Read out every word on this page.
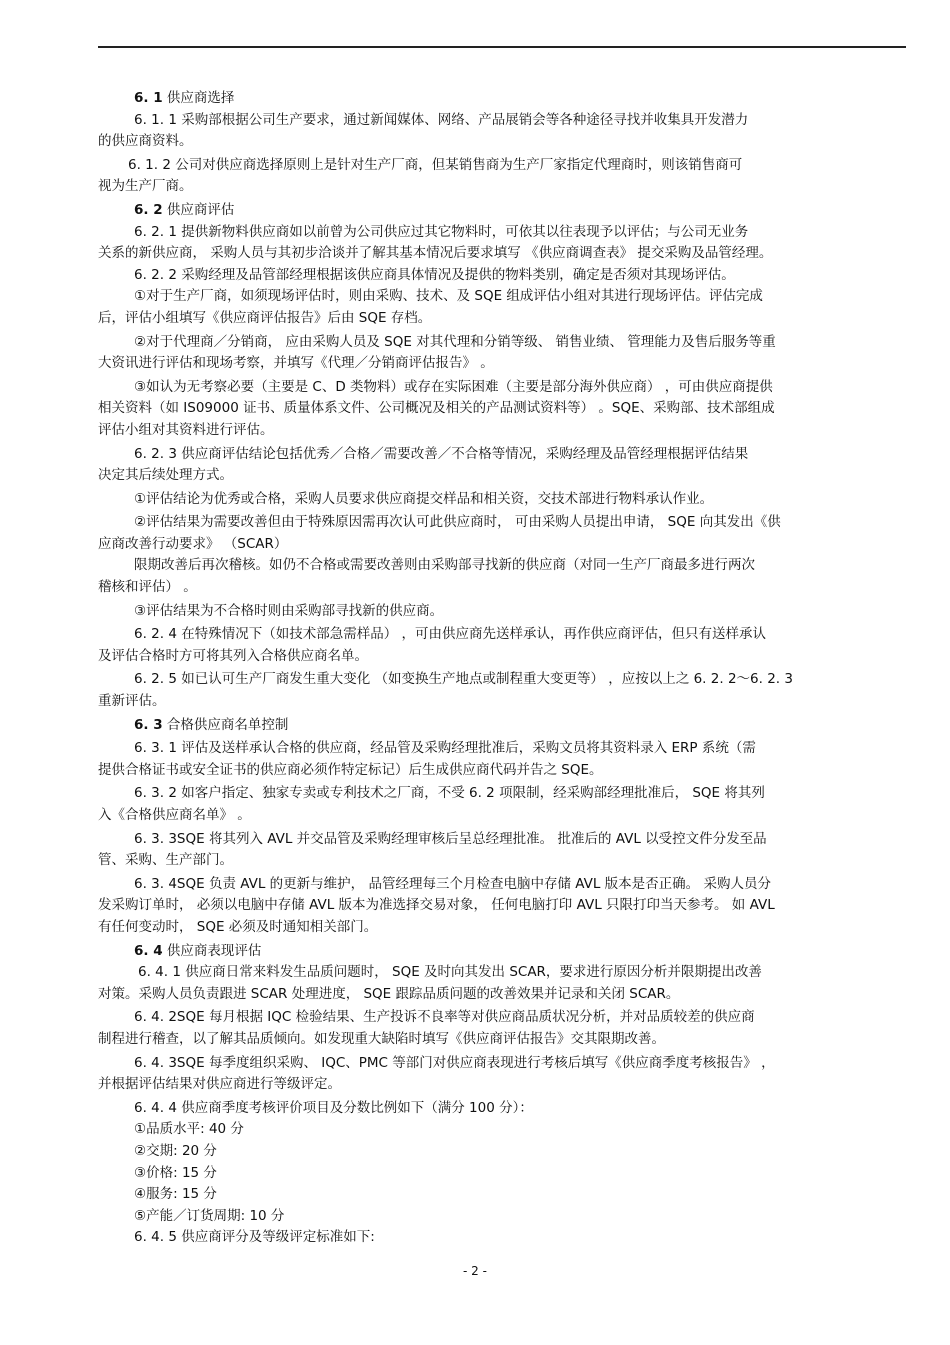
6. 1 供应商选择

6. 1. 1 采购部根据公司生产要求，通过新闻媒体、网络、产品展销会等各种途径寻找并收集具开发潜力

的供应商资料。

6. 1. 2 公司对供应商选择原则上是针对生产厂商，但某销售商为生产厂家指定代理商时，则该销售商可

视为生产厂商。

6. 2 供应商评估

6. 2. 1 提供新物料供应商如以前曾为公司供应过其它物料时，可依其以往表现予以评估；与公司无业务

关系的新供应商， 采购人员与其初步洽谈并了解其基本情况后要求填写 《供应商调查表》 提交采购及品管经理。

6. 2. 2 采购经理及品管部经理根据该供应商具体情况及提供的物料类别，确定是否须对其现场评估。

①对于生产厂商，如须现场评估时，则由采购、技术、及 SQE 组成评估小组对其进行现场评估。评估完成

后，评估小组填写《供应商评估报告》后由 SQE 存档。

②对于代理商／分销商， 应由采购人员及 SQE 对其代理和分销等级、 销售业绩、 管理能力及售后服务等重

大资讯进行评估和现场考察，并填写《代理／分销商评估报告》 。

③如认为无考察必要（主要是 C、D 类物料）或存在实际困难（主要是部分海外供应商） ，可由供应商提供

相关资料（如 IS09000 证书、质量体系文件、公司概况及相关的产品测试资料等） 。SQE、采购部、技术部组成

评估小组对其资料进行评估。

6. 2. 3 供应商评估结论包括优秀／合格／需要改善／不合格等情况，采购经理及品管经理根据评估结果

决定其后续处理方式。

①评估结论为优秀或合格，采购人员要求供应商提交样品和相关资，交技术部进行物料承认作业。

②评估结果为需要改善但由于特殊原因需再次认可此供应商时， 可由采购人员提出申请， SQE 向其发出《供

应商改善行动要求》 （SCAR）

限期改善后再次稽核。如仍不合格或需要改善则由采购部寻找新的供应商（对同一生产厂商最多进行两次

稽核和评估） 。

③评估结果为不合格时则由采购部寻找新的供应商。

6. 2. 4 在特殊情况下（如技术部急需样品） ，可由供应商先送样承认，再作供应商评估，但只有送样承认

及评估合格时方可将其列入合格供应商名单。

6. 2. 5 如已认可生产厂商发生重大变化 （如变换生产地点或制程重大变更等） ，应按以上之 6. 2. 2～6. 2. 3

重新评估。

6. 3 合格供应商名单控制

6. 3. 1 评估及送样承认合格的供应商，经品管及采购经理批准后，采购文员将其资料录入 ERP 系统（需

提供合格证书或安全证书的供应商必须作特定标记）后生成供应商代码并告之 SQE。

6. 3. 2 如客户指定、独家专卖或专利技术之厂商，不受 6. 2 项限制，经采购部经理批准后， SQE 将其列

入《合格供应商名单》 。

6. 3. 3SQE 将其列入 AVL 并交品管及采购经理审核后呈总经理批准。 批准后的 AVL 以受控文件分发至品

管、采购、生产部门。

6. 3. 4SQE 负责 AVL 的更新与维护， 品管经理每三个月检查电脑中存储 AVL 版本是否正确。 采购人员分

发采购订单时， 必须以电脑中存储 AVL 版本为准选择交易对象， 任何电脑打印 AVL 只限打印当天参考。 如 AVL

有任何变动时， SQE 必须及时通知相关部门。

6. 4 供应商表现评估

6. 4. 1 供应商日常来料发生品质问题时， SQE 及时向其发出 SCAR，要求进行原因分析并限期提出改善

对策。采购人员负责跟进 SCAR 处理进度， SQE 跟踪品质问题的改善效果并记录和关闭 SCAR。

6. 4. 2SQE 每月根据 IQC 检验结果、生产投诉不良率等对供应商品质状况分析，并对品质较差的供应商

制程进行稽查，以了解其品质倾向。如发现重大缺陷时填写《供应商评估报告》交其限期改善。

6. 4. 3SQE 每季度组织采购、 IQC、PMC 等部门对供应商表现进行考核后填写《供应商季度考核报告》 ，

并根据评估结果对供应商进行等级评定。

6. 4. 4 供应商季度考核评价项目及分数比例如下（满分 100 分）：

①品质水平: 40 分

②交期: 20 分

③价格: 15 分

④服务: 15 分

⑤产能／订货周期: 10 分

6. 4. 5 供应商评分及等级评定标准如下:

- 2 -
